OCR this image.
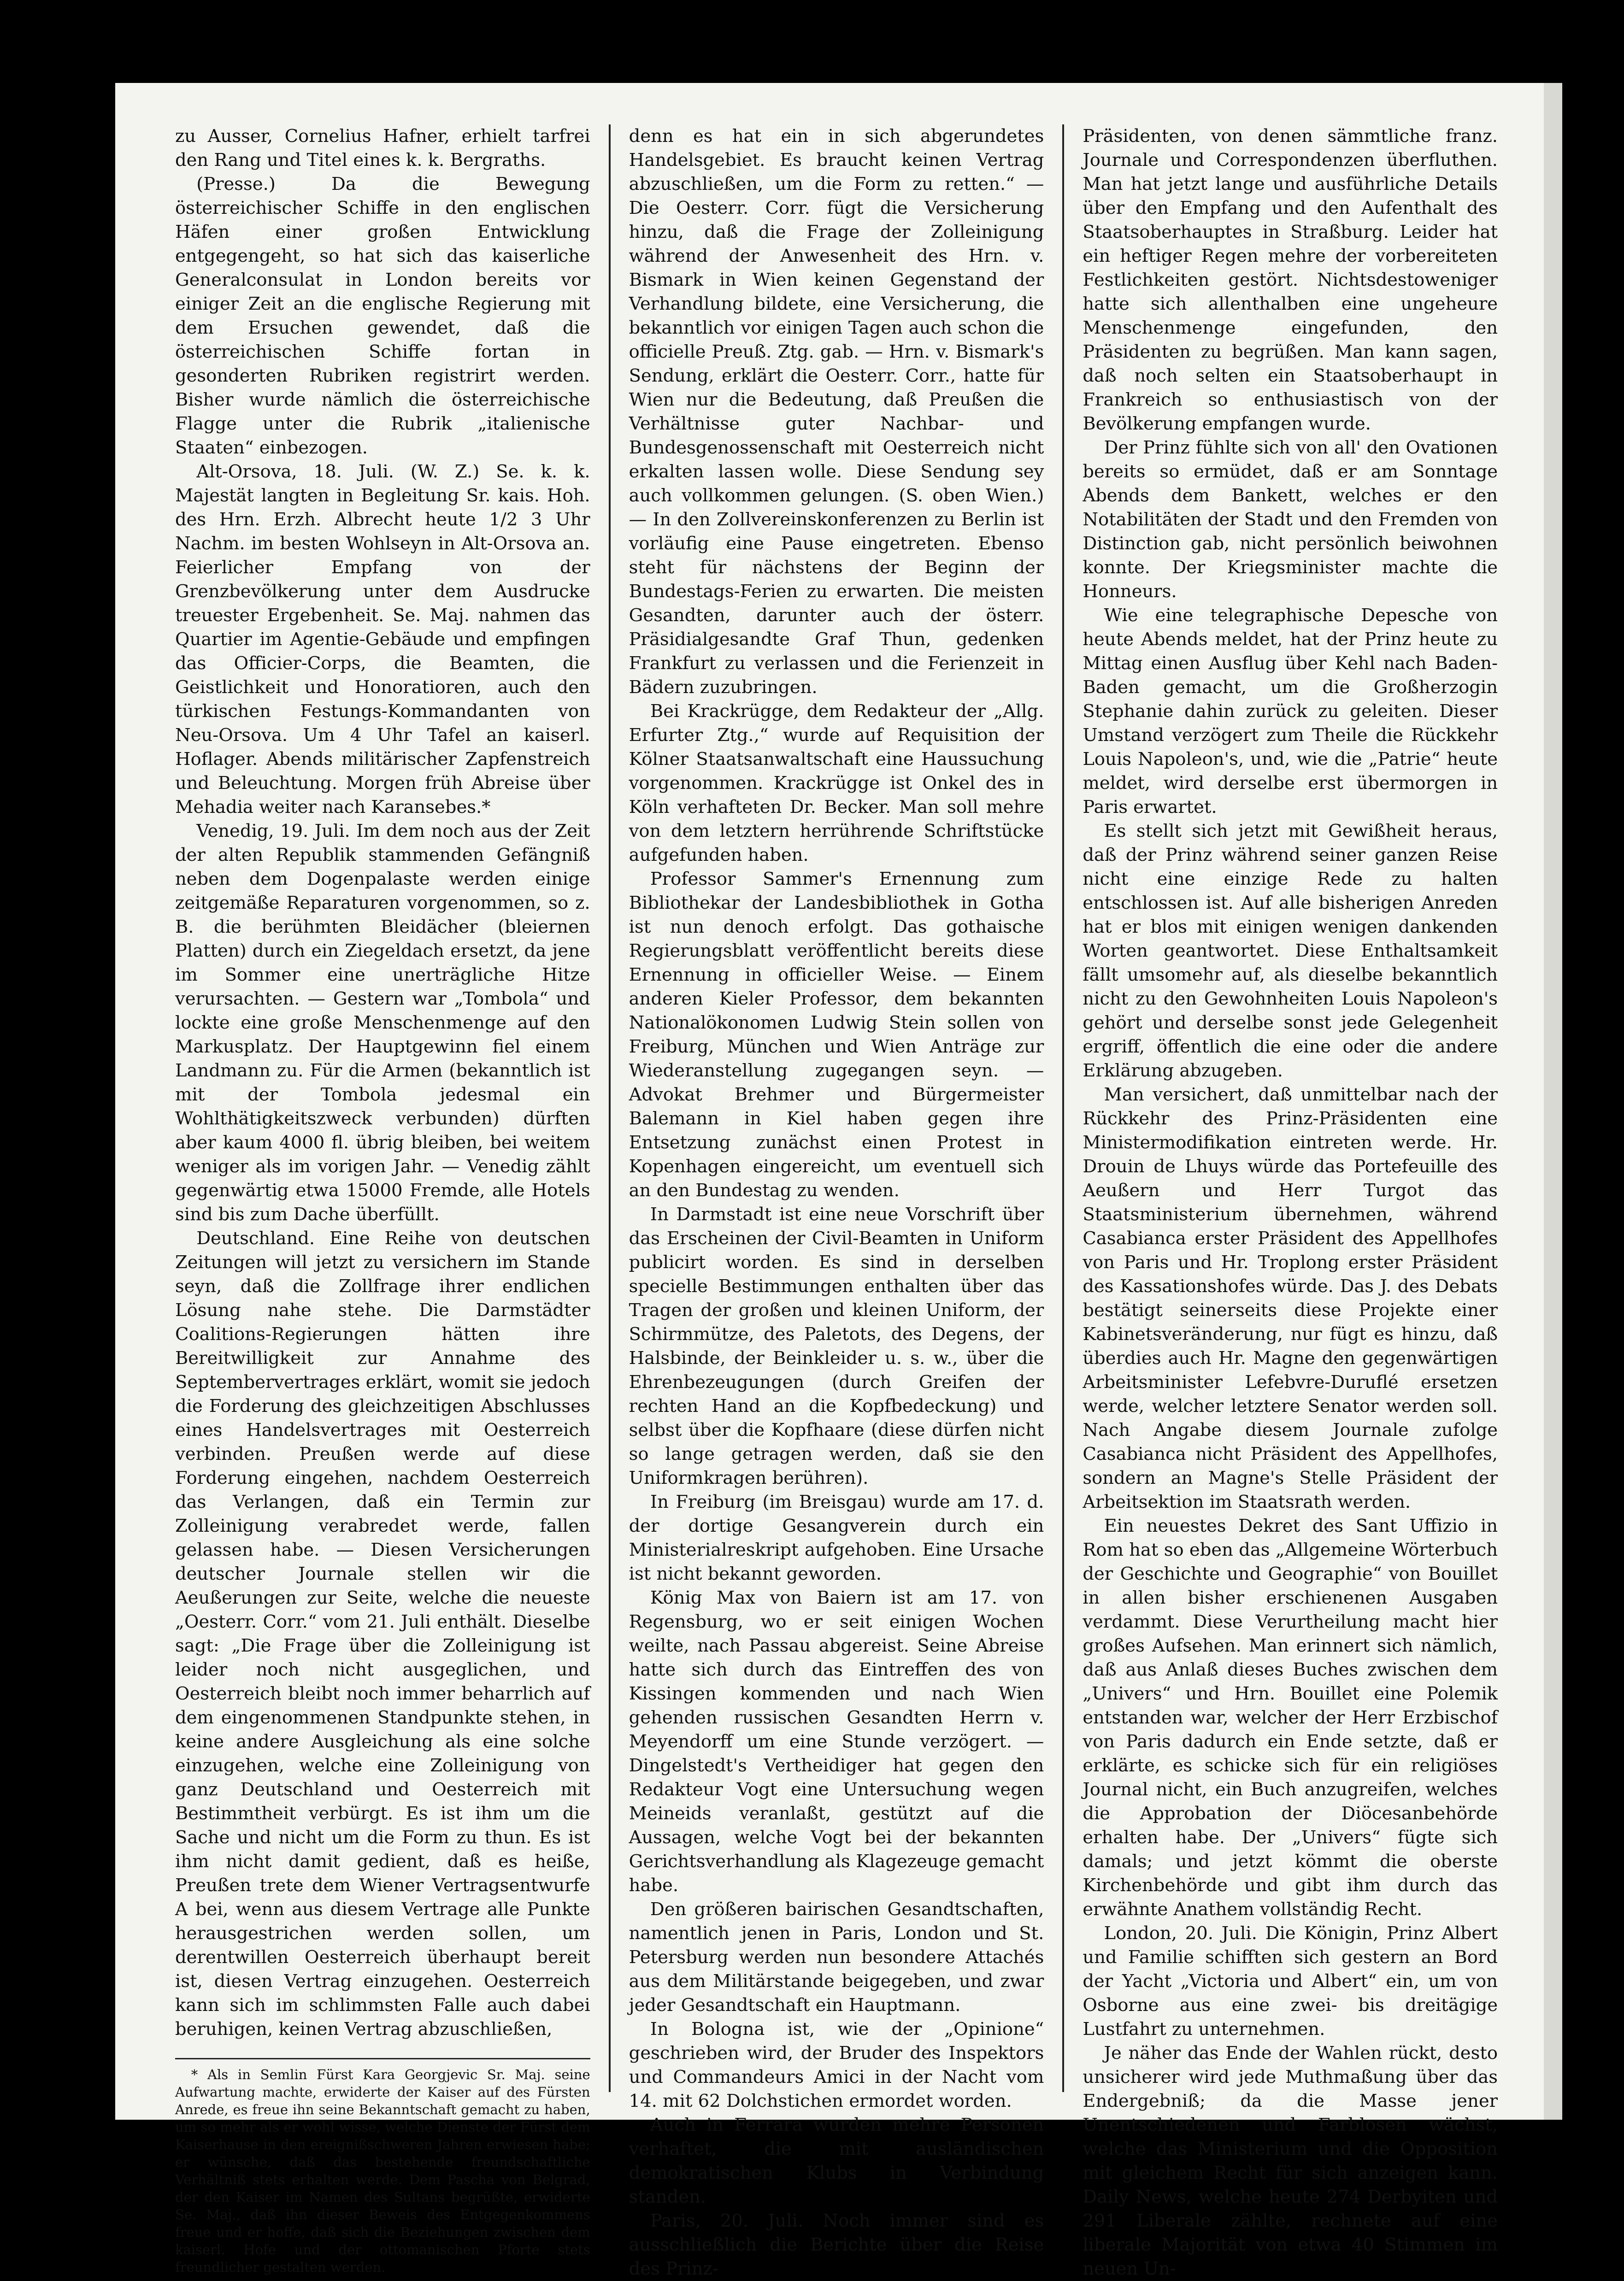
zu Ausser, Cornelius Hafner, erhielt tarfrei den Rang und Titel eines k. k. Bergraths.

(Presse.) Da die Bewegung österreichischer Schiffe in den englischen Häfen einer großen Entwicklung entgegengeht, so hat sich das kaiserliche Generalconsulat in London bereits vor einiger Zeit an die englische Regierung mit dem Ersuchen gewendet, daß die österreichischen Schiffe fortan in gesonderten Rubriken registrirt werden. Bisher wurde nämlich die österreichische Flagge unter die Rubrik „italienische Staaten“ einbezogen.

Alt-Orsova, 18. Juli. (W. Z.) Se. k. k. Majestät langten in Begleitung Sr. kais. Hoh. des Hrn. Erzh. Albrecht heute 1/2 3 Uhr Nachm. im besten Wohlseyn in Alt-Orsova an. Feierlicher Empfang von der Grenzbevölkerung unter dem Ausdrucke treuester Ergebenheit. Se. Maj. nahmen das Quartier im Agentie-Gebäude und empfingen das Officier-Corps, die Beamten, die Geistlichkeit und Honoratioren, auch den türkischen Festungs-Kommandanten von Neu-Orsova. Um 4 Uhr Tafel an kaiserl. Hoflager. Abends militärischer Zapfenstreich und Beleuchtung. Morgen früh Abreise über Mehadia weiter nach Karansebes.*

Venedig, 19. Juli. Im dem noch aus der Zeit der alten Republik stammenden Gefängniß neben dem Dogenpalaste werden einige zeitgemäße Reparaturen vorgenommen, so z. B. die berühmten Bleidächer (bleiernen Platten) durch ein Ziegeldach ersetzt, da jene im Sommer eine unerträgliche Hitze verursachten. — Gestern war „Tombola“ und lockte eine große Menschenmenge auf den Markusplatz. Der Hauptgewinn fiel einem Landmann zu. Für die Armen (bekanntlich ist mit der Tombola jedesmal ein Wohlthätigkeitszweck verbunden) dürften aber kaum 4000 fl. übrig bleiben, bei weitem weniger als im vorigen Jahr. — Venedig zählt gegenwärtig etwa 15000 Fremde, alle Hotels sind bis zum Dache überfüllt.

Deutschland. Eine Reihe von deutschen Zeitungen will jetzt zu versichern im Stande seyn, daß die Zollfrage ihrer endlichen Lösung nahe stehe. Die Darmstädter Coalitions-Regierungen hätten ihre Bereitwilligkeit zur Annahme des Septembervertrages erklärt, womit sie jedoch die Forderung des gleichzeitigen Abschlusses eines Handelsvertrages mit Oesterreich verbinden. Preußen werde auf diese Forderung eingehen, nachdem Oesterreich das Verlangen, daß ein Termin zur Zolleinigung verabredet werde, fallen gelassen habe. — Diesen Versicherungen deutscher Journale stellen wir die Aeußerungen zur Seite, welche die neueste „Oesterr. Corr.“ vom 21. Juli enthält. Dieselbe sagt: „Die Frage über die Zolleinigung ist leider noch nicht ausgeglichen, und Oesterreich bleibt noch immer beharrlich auf dem eingenommenen Standpunkte stehen, in keine andere Ausgleichung als eine solche einzugehen, welche eine Zolleinigung von ganz Deutschland und Oesterreich mit Bestimmtheit verbürgt. Es ist ihm um die Sache und nicht um die Form zu thun. Es ist ihm nicht damit gedient, daß es heiße, Preußen trete dem Wiener Vertragsentwurfe A bei, wenn aus diesem Vertrage alle Punkte herausgestrichen werden sollen, um derentwillen Oesterreich überhaupt bereit ist, diesen Vertrag einzugehen. Oesterreich kann sich im schlimmsten Falle auch dabei beruhigen, keinen Vertrag abzuschließen,

* Als in Semlin Fürst Kara Georgjevic Sr. Maj. seine Aufwartung machte, erwiderte der Kaiser auf des Fürsten Anrede, es freue ihn seine Bekanntschaft gemacht zu haben, um so mehr als er wohl wisse, welche Dienste der Fürst dem Kaiserhause in den ereignißschweren Jahren erwiesen habe; er wünsche, daß das bestehende freundschaftliche Verhältniß stets erhalten werde. Dem Pascha von Belgrad, der den Kaiser im Namen des Sultans begrüßte, erwiderte Se. Maj., daß ihn dieser Beweis des Entgegenkommens freue und er hoffe, daß sich die Beziehungen zwischen dem kaiserl. Hofe und der ottomanischen Pforte stets freundlicher gestalten werden.

denn es hat ein in sich abgerundetes Handelsgebiet. Es braucht keinen Vertrag abzuschließen, um die Form zu retten.“ — Die Oesterr. Corr. fügt die Versicherung hinzu, daß die Frage der Zolleinigung während der Anwesenheit des Hrn. v. Bismark in Wien keinen Gegenstand der Verhandlung bildete, eine Versicherung, die bekanntlich vor einigen Tagen auch schon die officielle Preuß. Ztg. gab. — Hrn. v. Bismark's Sendung, erklärt die Oesterr. Corr., hatte für Wien nur die Bedeutung, daß Preußen die Verhältnisse guter Nachbar- und Bundesgenossenschaft mit Oesterreich nicht erkalten lassen wolle. Diese Sendung sey auch vollkommen gelungen. (S. oben Wien.) — In den Zollvereinskonferenzen zu Berlin ist vorläufig eine Pause eingetreten. Ebenso steht für nächstens der Beginn der Bundestags-Ferien zu erwarten. Die meisten Gesandten, darunter auch der österr. Präsidialgesandte Graf Thun, gedenken Frankfurt zu verlassen und die Ferienzeit in Bädern zuzubringen.

Bei Krackrügge, dem Redakteur der „Allg. Erfurter Ztg.,“ wurde auf Requisition der Kölner Staatsanwaltschaft eine Haussuchung vorgenommen. Krackrügge ist Onkel des in Köln verhafteten Dr. Becker. Man soll mehre von dem letztern herrührende Schriftstücke aufgefunden haben.

Professor Sammer's Ernennung zum Bibliothekar der Landesbibliothek in Gotha ist nun denoch erfolgt. Das gothaische Regierungsblatt veröffentlicht bereits diese Ernennung in officieller Weise. — Einem anderen Kieler Professor, dem bekannten Nationalökonomen Ludwig Stein sollen von Freiburg, München und Wien Anträge zur Wiederanstellung zugegangen seyn. — Advokat Brehmer und Bürgermeister Balemann in Kiel haben gegen ihre Entsetzung zunächst einen Protest in Kopenhagen eingereicht, um eventuell sich an den Bundestag zu wenden.

In Darmstadt ist eine neue Vorschrift über das Erscheinen der Civil-Beamten in Uniform publicirt worden. Es sind in derselben specielle Bestimmungen enthalten über das Tragen der großen und kleinen Uniform, der Schirmmütze, des Paletots, des Degens, der Halsbinde, der Beinkleider u. s. w., über die Ehrenbezeugungen (durch Greifen der rechten Hand an die Kopfbedeckung) und selbst über die Kopfhaare (diese dürfen nicht so lange getragen werden, daß sie den Uniformkragen berühren).

In Freiburg (im Breisgau) wurde am 17. d. der dortige Gesangverein durch ein Ministerialreskript aufgehoben. Eine Ursache ist nicht bekannt geworden.

König Max von Baiern ist am 17. von Regensburg, wo er seit einigen Wochen weilte, nach Passau abgereist. Seine Abreise hatte sich durch das Eintreffen des von Kissingen kommenden und nach Wien gehenden russischen Gesandten Herrn v. Meyendorff um eine Stunde verzögert. — Dingelstedt's Vertheidiger hat gegen den Redakteur Vogt eine Untersuchung wegen Meineids veranlaßt, gestützt auf die Aussagen, welche Vogt bei der bekannten Gerichtsverhandlung als Klagezeuge gemacht habe.

Den größeren bairischen Gesandtschaften, namentlich jenen in Paris, London und St. Petersburg werden nun besondere Attachés aus dem Militärstande beigegeben, und zwar jeder Gesandtschaft ein Hauptmann.

In Bologna ist, wie der „Opinione“ geschrieben wird, der Bruder des Inspektors und Commandeurs Amici in der Nacht vom 14. mit 62 Dolchstichen ermordet worden.

Auch in Ferrara wurden mehre Personen verhaftet, die mit ausländischen demokratischen Klubs in Verbindung standen.

Paris, 20. Juli. Noch immer sind es ausschließlich die Berichte über die Reise des Prinz-

Präsidenten, von denen sämmtliche franz. Journale und Correspondenzen überfluthen. Man hat jetzt lange und ausführliche Details über den Empfang und den Aufenthalt des Staatsoberhauptes in Straßburg. Leider hat ein heftiger Regen mehre der vorbereiteten Festlichkeiten gestört. Nichtsdestoweniger hatte sich allenthalben eine ungeheure Menschenmenge eingefunden, den Präsidenten zu begrüßen. Man kann sagen, daß noch selten ein Staatsoberhaupt in Frankreich so enthusiastisch von der Bevölkerung empfangen wurde.

Der Prinz fühlte sich von all' den Ovationen bereits so ermüdet, daß er am Sonntage Abends dem Bankett, welches er den Notabilitäten der Stadt und den Fremden von Distinction gab, nicht persönlich beiwohnen konnte. Der Kriegsminister machte die Honneurs.

Wie eine telegraphische Depesche von heute Abends meldet, hat der Prinz heute zu Mittag einen Ausflug über Kehl nach Baden-Baden gemacht, um die Großherzogin Stephanie dahin zurück zu geleiten. Dieser Umstand verzögert zum Theile die Rückkehr Louis Napoleon's, und, wie die „Patrie“ heute meldet, wird derselbe erst übermorgen in Paris erwartet.

Es stellt sich jetzt mit Gewißheit heraus, daß der Prinz während seiner ganzen Reise nicht eine einzige Rede zu halten entschlossen ist. Auf alle bisherigen Anreden hat er blos mit einigen wenigen dankenden Worten geantwortet. Diese Enthaltsamkeit fällt umsomehr auf, als dieselbe bekanntlich nicht zu den Gewohnheiten Louis Napoleon's gehört und derselbe sonst jede Gelegenheit ergriff, öffentlich die eine oder die andere Erklärung abzugeben.

Man versichert, daß unmittelbar nach der Rückkehr des Prinz-Präsidenten eine Ministermodifikation eintreten werde. Hr. Drouin de Lhuys würde das Portefeuille des Aeußern und Herr Turgot das Staatsministerium übernehmen, während Casabianca erster Präsident des Appellhofes von Paris und Hr. Troplong erster Präsident des Kassationshofes würde. Das J. des Debats bestätigt seinerseits diese Projekte einer Kabinetsveränderung, nur fügt es hinzu, daß überdies auch Hr. Magne den gegenwärtigen Arbeitsminister Lefebvre-Duruflé ersetzen werde, welcher letztere Senator werden soll. Nach Angabe diesem Journale zufolge Casabianca nicht Präsident des Appellhofes, sondern an Magne's Stelle Präsident der Arbeitsektion im Staatsrath werden.

Ein neuestes Dekret des Sant Uffizio in Rom hat so eben das „Allgemeine Wörterbuch der Geschichte und Geographie“ von Bouillet in allen bisher erschienenen Ausgaben verdammt. Diese Verurtheilung macht hier großes Aufsehen. Man erinnert sich nämlich, daß aus Anlaß dieses Buches zwischen dem „Univers“ und Hrn. Bouillet eine Polemik entstanden war, welcher der Herr Erzbischof von Paris dadurch ein Ende setzte, daß er erklärte, es schicke sich für ein religiöses Journal nicht, ein Buch anzugreifen, welches die Approbation der Diöcesanbehörde erhalten habe. Der „Univers“ fügte sich damals; und jetzt kömmt die oberste Kirchenbehörde und gibt ihm durch das erwähnte Anathem vollständig Recht.

London, 20. Juli. Die Königin, Prinz Albert und Familie schifften sich gestern an Bord der Yacht „Victoria und Albert“ ein, um von Osborne aus eine zwei- bis dreitägige Lustfahrt zu unternehmen.

Je näher das Ende der Wahlen rückt, desto unsicherer wird jede Muthmaßung über das Endergebniß; da die Masse jener Unentschiedenen und Farblosen wächst, welche das Ministerium und die Opposition mit gleichem Recht für sich anzeigen kann. Daily News, welche heute 274 Derbyiten und 291 Liberale zählte, rechnete auf eine liberale Majorität von etwa 40 Stimmen im neuen Un-
